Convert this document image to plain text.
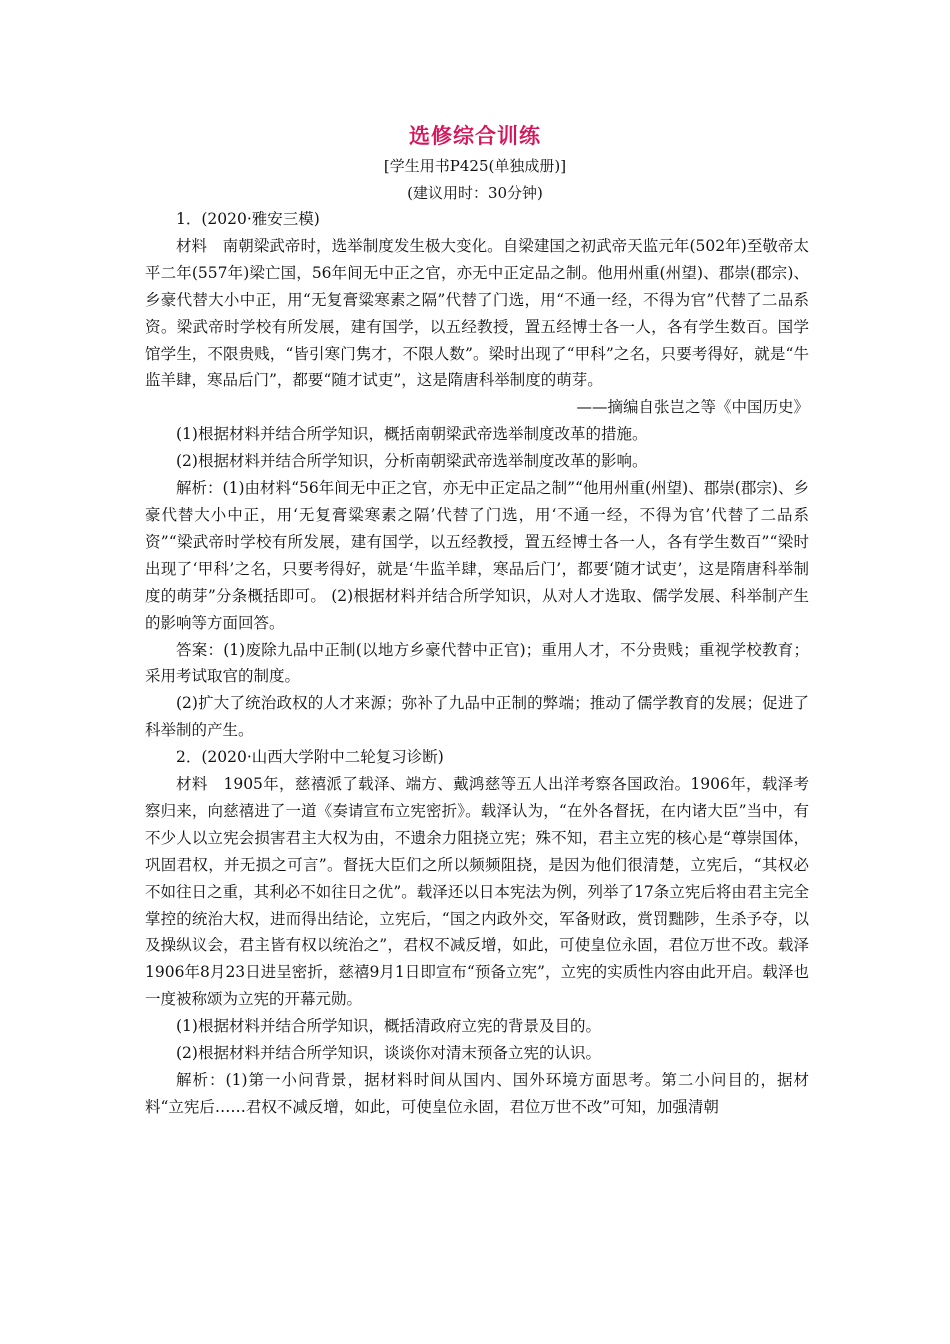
选修综合训练
[学生用书P425(单独成册)]
(建议用时：30分钟)

1．(2020·雅安三模)

材料　南朝梁武帝时，选举制度发生极大变化。自梁建国之初武帝天监元年(502年)至敬帝太平二年(557年)梁亡国，56年间无中正之官，亦无中正定品之制。他用州重(州望)、郡崇(郡宗)、乡豪代替大小中正，用“无复膏粱寒素之隔”代替了门选，用“不通一经，不得为官”代替了二品系资。梁武帝时学校有所发展，建有国学，以五经教授，置五经博士各一人，各有学生数百。国学馆学生，不限贵贱，“皆引寒门隽才，不限人数”。梁时出现了“甲科”之名，只要考得好，就是“牛监羊肆，寒品后门”，都要“随才试吏”，这是隋唐科举制度的萌芽。

——摘编自张岂之等《中国历史》

(1)根据材料并结合所学知识，概括南朝梁武帝选举制度改革的措施。

(2)根据材料并结合所学知识，分析南朝梁武帝选举制度改革的影响。

解析：(1)由材料“56年间无中正之官，亦无中正定品之制”“他用州重(州望)、郡崇(郡宗)、乡豪代替大小中正，用‘无复膏粱寒素之隔’代替了门选，用‘不通一经，不得为官’代替了二品系资”“梁武帝时学校有所发展，建有国学，以五经教授，置五经博士各一人，各有学生数百”“梁时出现了‘甲科’之名，只要考得好，就是‘牛监羊肆，寒品后门’，都要‘随才试吏’，这是隋唐科举制度的萌芽”分条概括即可。 (2)根据材料并结合所学知识，从对人才选取、儒学发展、科举制产生的影响等方面回答。

答案：(1)废除九品中正制(以地方乡豪代替中正官)；重用人才，不分贵贱；重视学校教育；采用考试取官的制度。

(2)扩大了统治政权的人才来源；弥补了九品中正制的弊端；推动了儒学教育的发展；促进了科举制的产生。

2．(2020·山西大学附中二轮复习诊断)

材料　1905年，慈禧派了载泽、端方、戴鸿慈等五人出洋考察各国政治。1906年，载泽考察归来，向慈禧进了一道《奏请宣布立宪密折》。载泽认为，“在外各督抚，在内诸大臣”当中，有不少人以立宪会损害君主大权为由，不遗余力阻挠立宪；殊不知，君主立宪的核心是“尊崇国体，巩固君权，并无损之可言”。督抚大臣们之所以频频阻挠，是因为他们很清楚，立宪后，“其权必不如往日之重，其利必不如往日之优”。载泽还以日本宪法为例，列举了17条立宪后将由君主完全掌控的统治大权，进而得出结论，立宪后，“国之内政外交，军备财政，赏罚黜陟，生杀予夺，以及操纵议会，君主皆有权以统治之”，君权不减反增，如此，可使皇位永固，君位万世不改。载泽1906年8月23日进呈密折，慈禧9月1日即宣布“预备立宪”，立宪的实质性内容由此开启。载泽也一度被称颂为立宪的开幕元勋。

(1)根据材料并结合所学知识，概括清政府立宪的背景及目的。

(2)根据材料并结合所学知识，谈谈你对清末预备立宪的认识。

解析：(1)第一小问背景，据材料时间从国内、国外环境方面思考。第二小问目的，据材料“立宪后……君权不减反增，如此，可使皇位永固，君位万世不改”可知，加强清朝
